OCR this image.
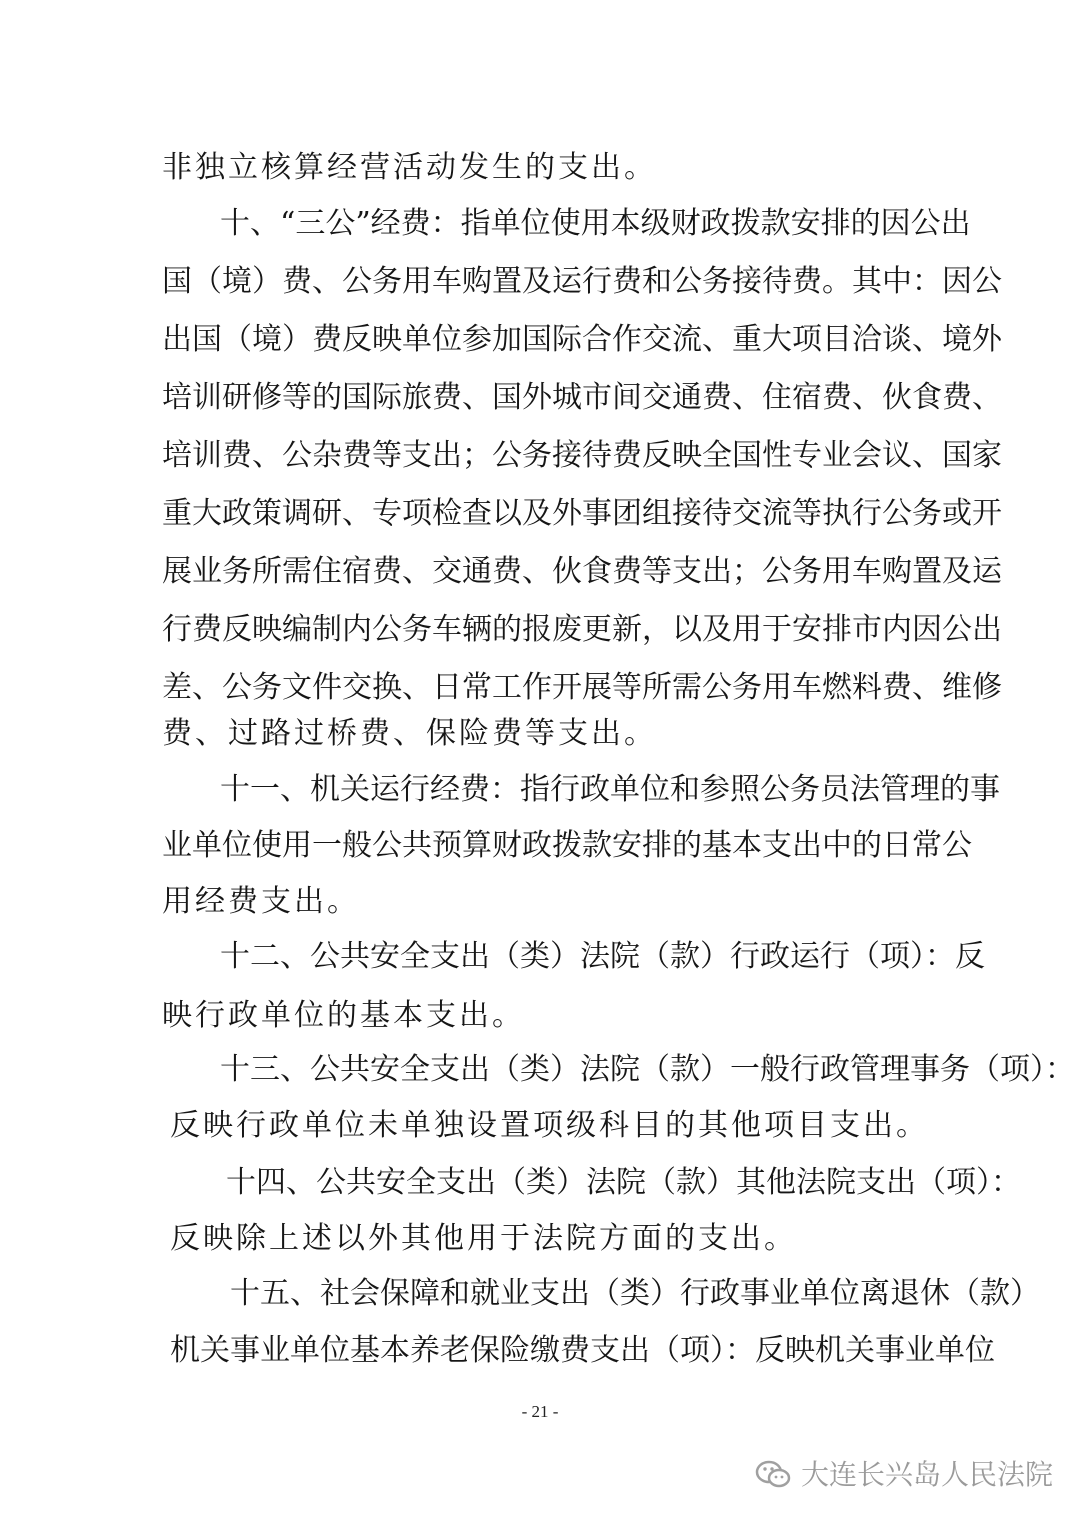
非独立核算经营活动发生的支出。
十、“三公”经费：指单位使用本级财政拨款安排的因公出
国（境）费、公务用车购置及运行费和公务接待费。其中：因公
出国（境）费反映单位参加国际合作交流、重大项目洽谈、境外
培训研修等的国际旅费、国外城市间交通费、住宿费、伙食费、
培训费、公杂费等支出；公务接待费反映全国性专业会议、国家
重大政策调研、专项检查以及外事团组接待交流等执行公务或开
展业务所需住宿费、交通费、伙食费等支出；公务用车购置及运
行费反映编制内公务车辆的报废更新，以及用于安排市内因公出
差、公务文件交换、日常工作开展等所需公务用车燃料费、维修
费、过路过桥费、保险费等支出。
十一、机关运行经费：指行政单位和参照公务员法管理的事
业单位使用一般公共预算财政拨款安排的基本支出中的日常公
用经费支出。
十二、公共安全支出（类）法院（款）行政运行（项）：反
映行政单位的基本支出。
十三、公共安全支出（类）法院（款）一般行政管理事务（项）：
反映行政单位未单独设置项级科目的其他项目支出。
十四、公共安全支出（类）法院（款）其他法院支出（项）：
反映除上述以外其他用于法院方面的支出。
十五、社会保障和就业支出（类）行政事业单位离退休（款）
机关事业单位基本养老保险缴费支出（项）：反映机关事业单位
- 21 -
大连长兴岛人民法院
